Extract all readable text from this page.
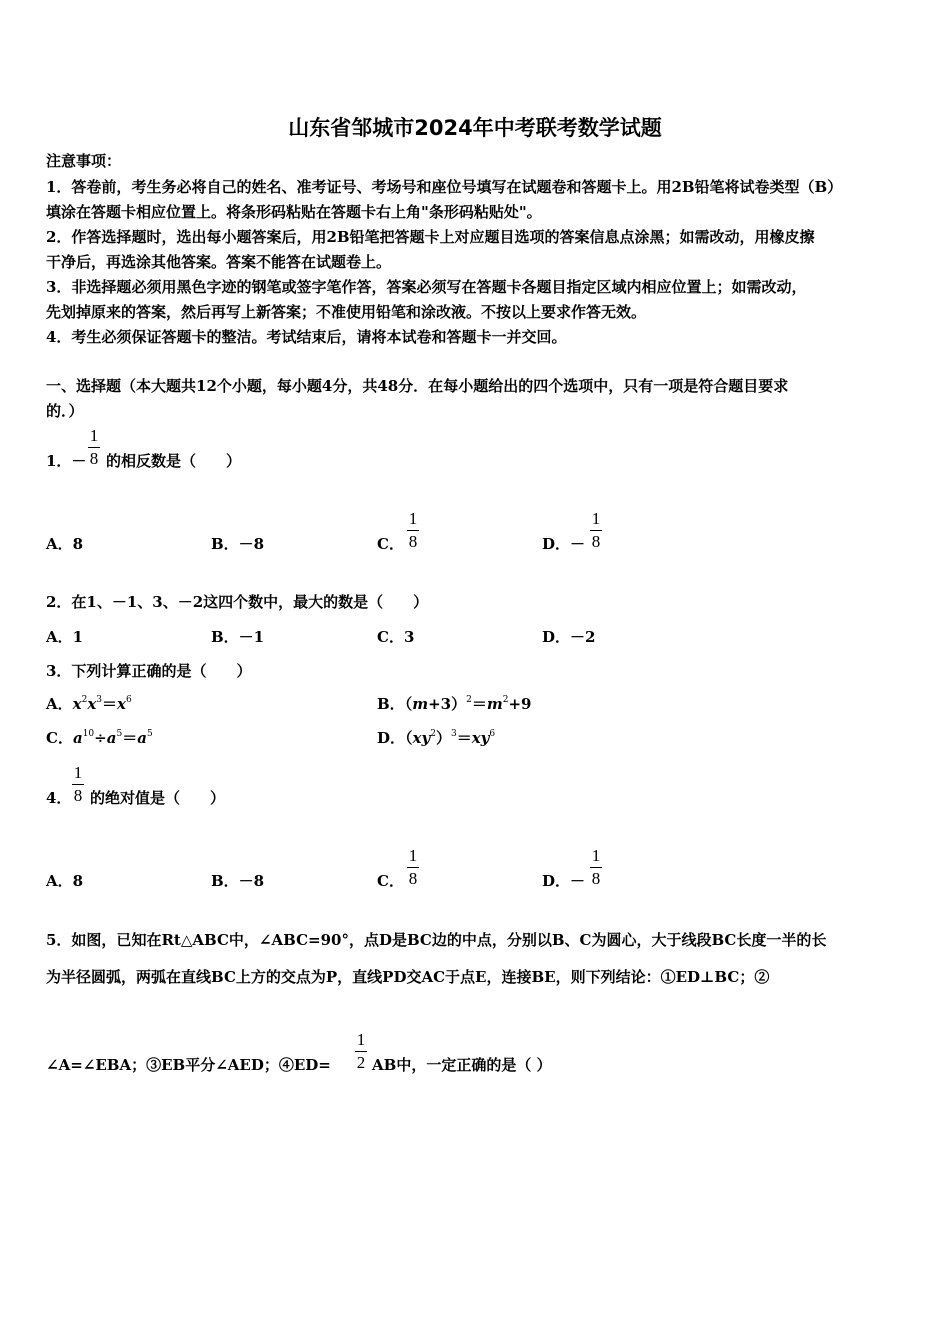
山东省邹城市2024年中考联考数学试题
注意事项：
1．答卷前，考生务必将自己的姓名、准考证号、考场号和座位号填写在试题卷和答题卡上。用2B铅笔将试卷类型（B）
填涂在答题卡相应位置上。将条形码粘贴在答题卡右上角"条形码粘贴处"。
2．作答选择题时，选出每小题答案后，用2B铅笔把答题卡上对应题目选项的答案信息点涂黑；如需改动，用橡皮擦
干净后，再选涂其他答案。答案不能答在试题卷上。
3．非选择题必须用黑色字迹的钢笔或签字笔作答，答案必须写在答题卡各题目指定区域内相应位置上；如需改动，
先划掉原来的答案，然后再写上新答案；不准使用铅笔和涂改液。不按以上要求作答无效。
4．考生必须保证答题卡的整洁。考试结束后，请将本试卷和答题卡一并交回。
一、选择题（本大题共12个小题，每小题4分，共48分．在每小题给出的四个选项中，只有一项是符合题目要求
的．）
1．－
1
8 的相反数是（　　）
A．8	B．－8	C．
1
8	D．－
1
8
2．在1、－1、3、－2这四个数中，最大的数是（　　）
A．1	B．－1	C．3	D．－2
3．下列计算正确的是（　　）
A．$x^2x^3=x^6$	B．$(m+3)^2=m^2+9$
C．$a^{10}\div a^5=a^5$	D．$(xy^2)^3=xy^6$
4．
1
8 的绝对值是（　　）
A．8	B．－8	C．
1
8	D．－
1
8
5．如图，已知在Rt△ABC中，∠ABC=90°，点D是BC边的中点，分别以B、C为圆心，大于线段BC长度一半的长
为半径圆弧，两弧在直线BC上方的交点为P，直线PD交AC于点E，连接BE，则下列结论：①ED⊥BC；②
∠A=∠EBA；③EB平分∠AED；④ED=
1
2 AB中，一定正确的是（ ）
